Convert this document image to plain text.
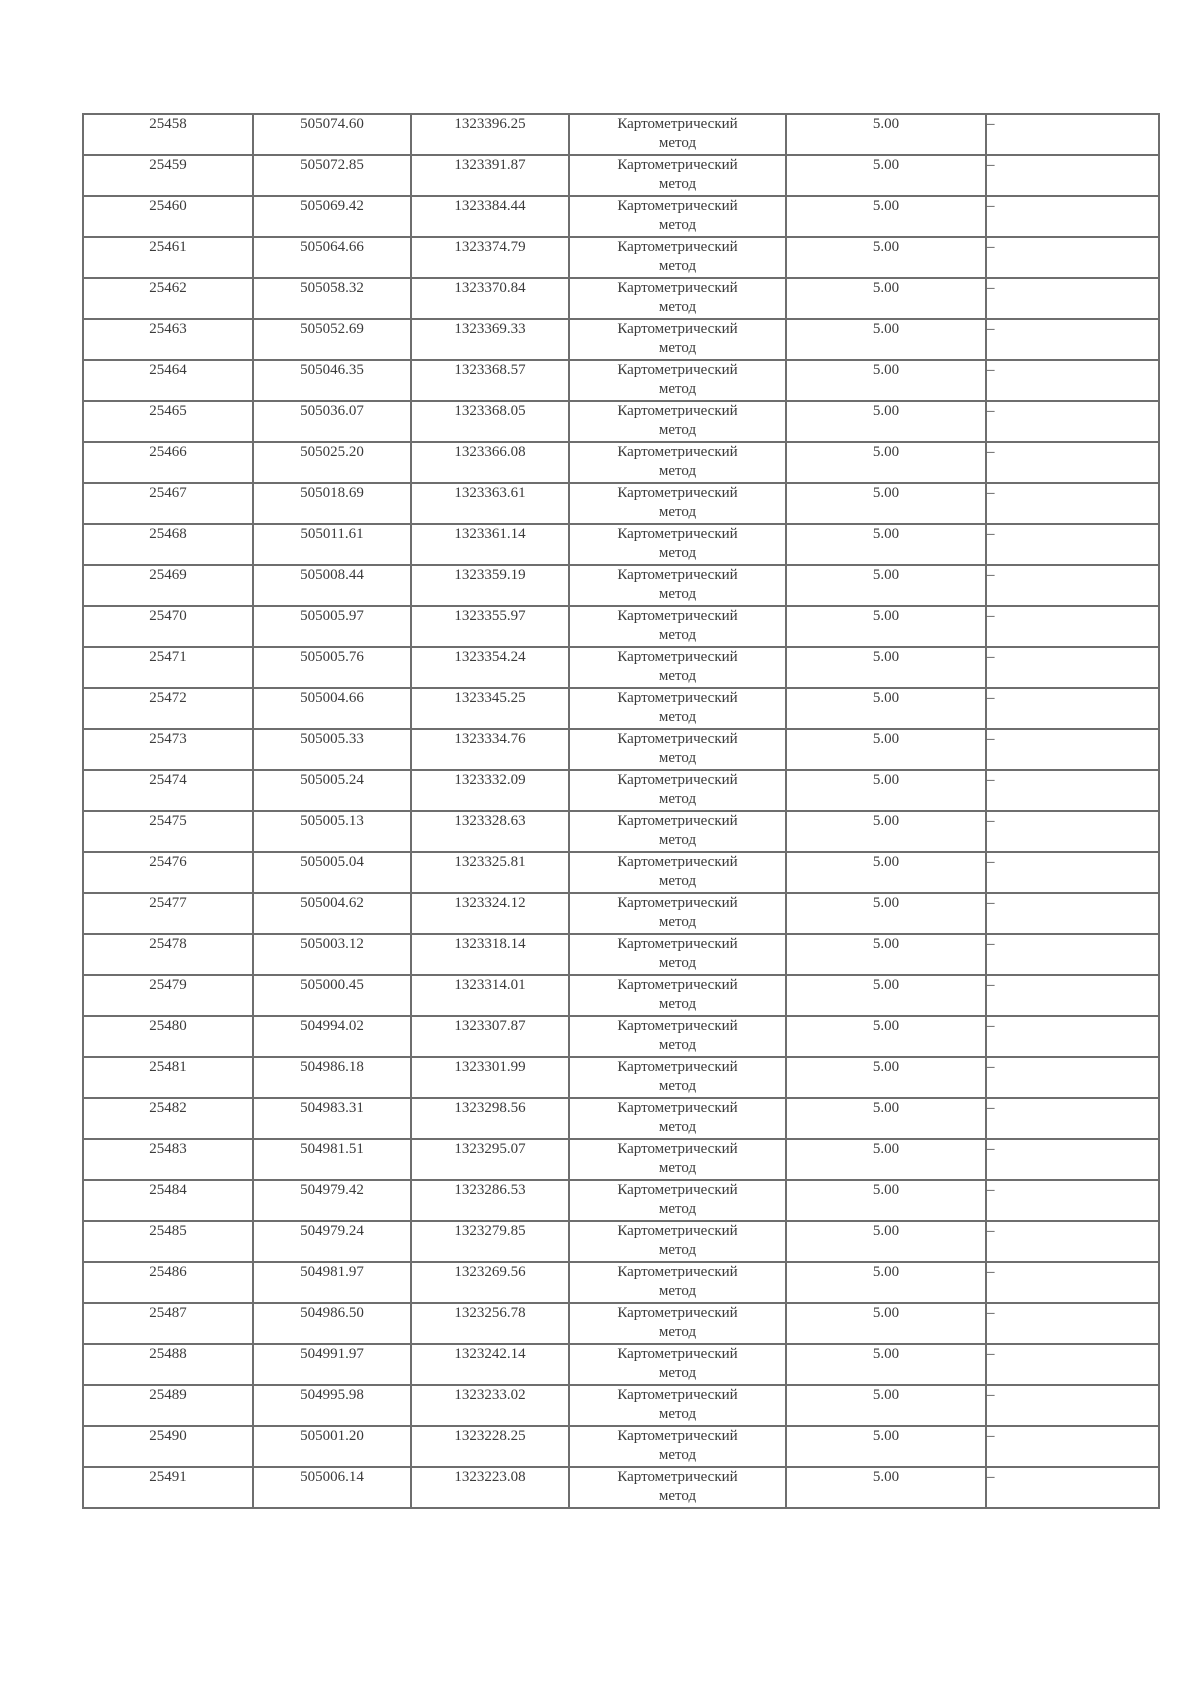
25458	505074.60	1323396.25	Картометрический
метод	5.00	–
25459	505072.85	1323391.87	Картометрический
метод	5.00	–
25460	505069.42	1323384.44	Картометрический
метод	5.00	–
25461	505064.66	1323374.79	Картометрический
метод	5.00	–
25462	505058.32	1323370.84	Картометрический
метод	5.00	–
25463	505052.69	1323369.33	Картометрический
метод	5.00	–
25464	505046.35	1323368.57	Картометрический
метод	5.00	–
25465	505036.07	1323368.05	Картометрический
метод	5.00	–
25466	505025.20	1323366.08	Картометрический
метод	5.00	–
25467	505018.69	1323363.61	Картометрический
метод	5.00	–
25468	505011.61	1323361.14	Картометрический
метод	5.00	–
25469	505008.44	1323359.19	Картометрический
метод	5.00	–
25470	505005.97	1323355.97	Картометрический
метод	5.00	–
25471	505005.76	1323354.24	Картометрический
метод	5.00	–
25472	505004.66	1323345.25	Картометрический
метод	5.00	–
25473	505005.33	1323334.76	Картометрический
метод	5.00	–
25474	505005.24	1323332.09	Картометрический
метод	5.00	–
25475	505005.13	1323328.63	Картометрический
метод	5.00	–
25476	505005.04	1323325.81	Картометрический
метод	5.00	–
25477	505004.62	1323324.12	Картометрический
метод	5.00	–
25478	505003.12	1323318.14	Картометрический
метод	5.00	–
25479	505000.45	1323314.01	Картометрический
метод	5.00	–
25480	504994.02	1323307.87	Картометрический
метод	5.00	–
25481	504986.18	1323301.99	Картометрический
метод	5.00	–
25482	504983.31	1323298.56	Картометрический
метод	5.00	–
25483	504981.51	1323295.07	Картометрический
метод	5.00	–
25484	504979.42	1323286.53	Картометрический
метод	5.00	–
25485	504979.24	1323279.85	Картометрический
метод	5.00	–
25486	504981.97	1323269.56	Картометрический
метод	5.00	–
25487	504986.50	1323256.78	Картометрический
метод	5.00	–
25488	504991.97	1323242.14	Картометрический
метод	5.00	–
25489	504995.98	1323233.02	Картометрический
метод	5.00	–
25490	505001.20	1323228.25	Картометрический
метод	5.00	–
25491	505006.14	1323223.08	Картометрический
метод	5.00	–
